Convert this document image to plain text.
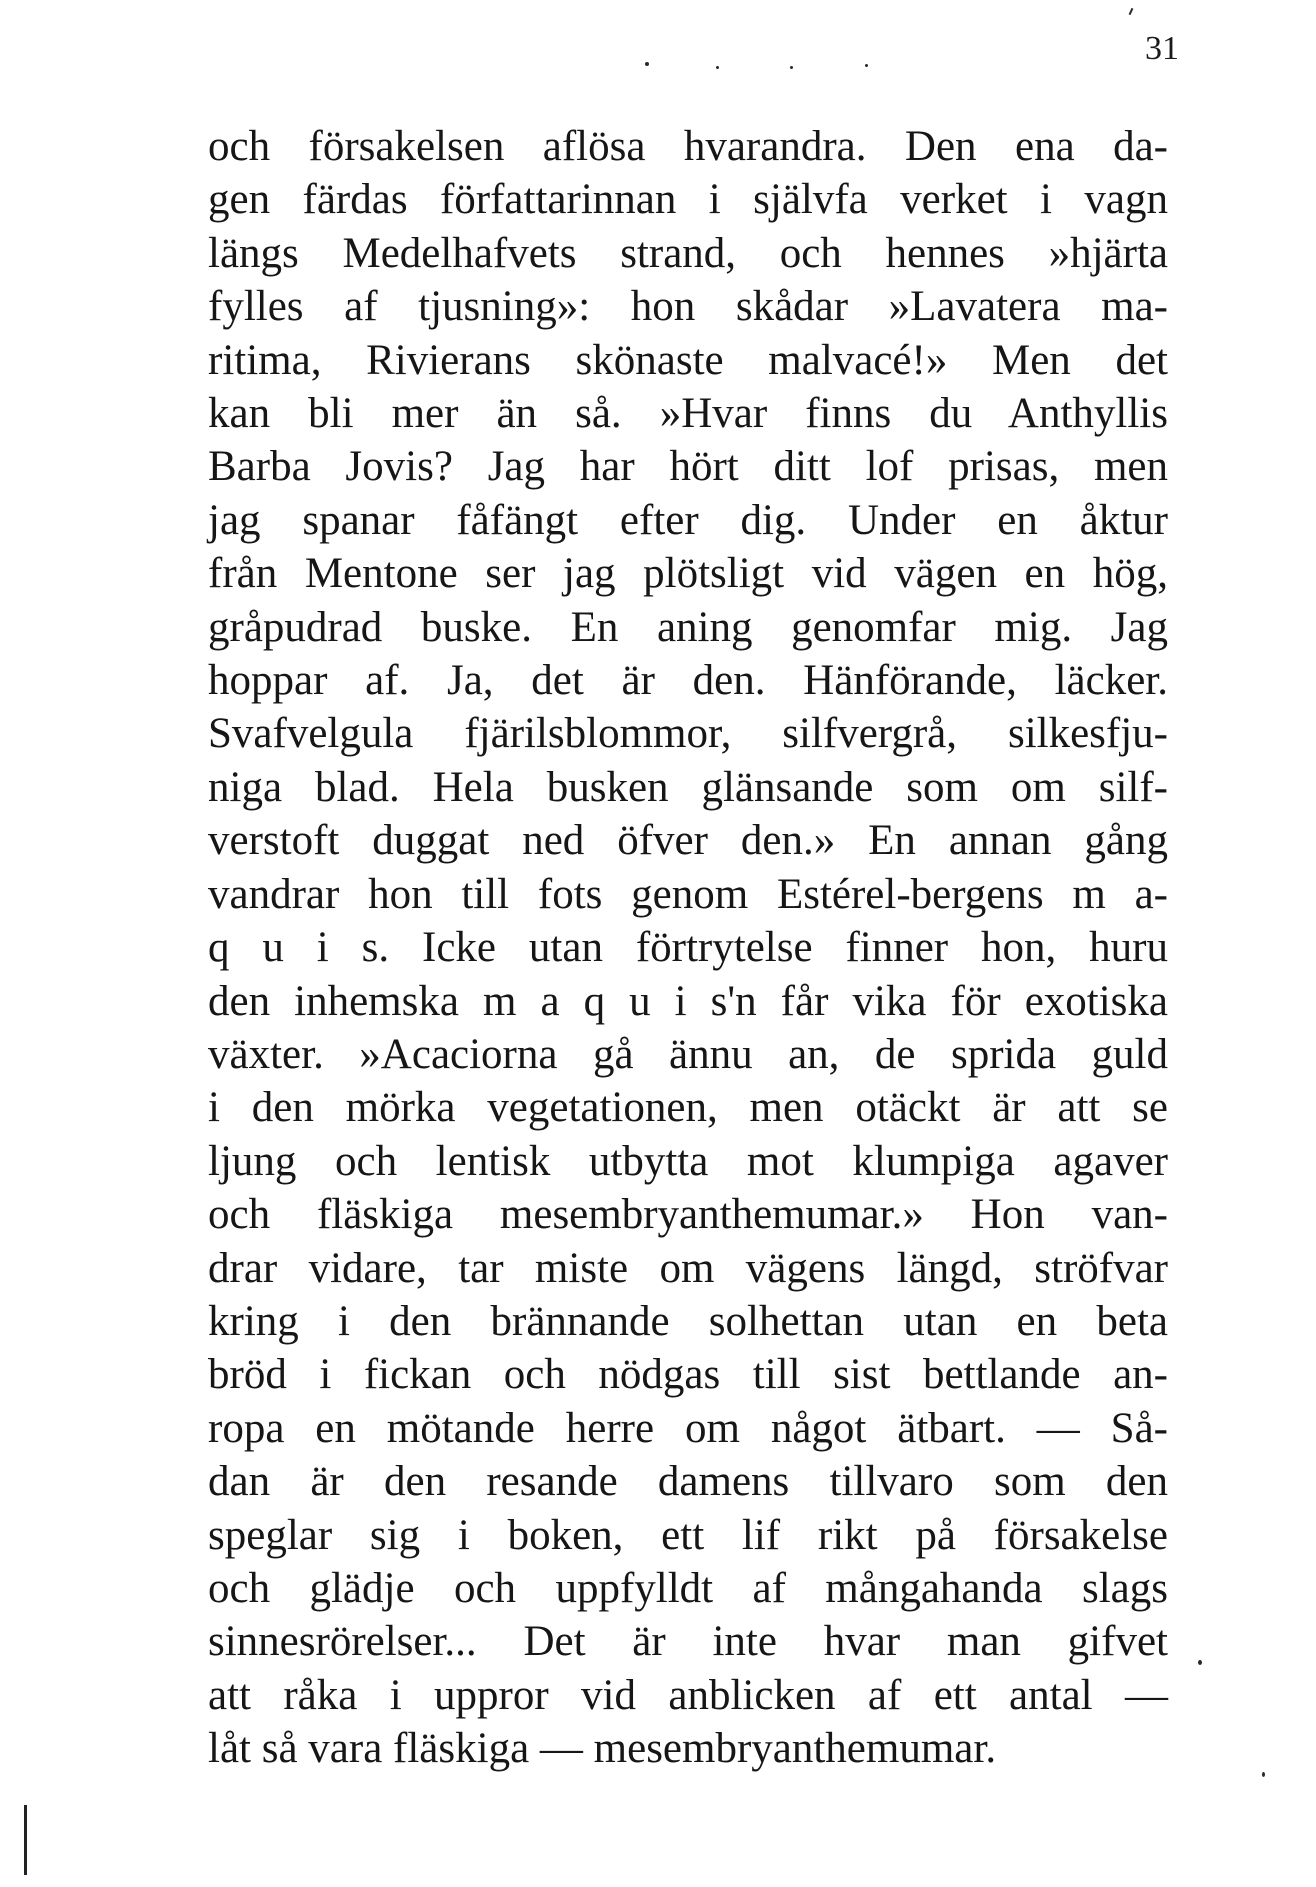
31
och försakelsen aflösa hvarandra. Den ena da-
gen färdas författarinnan i självfa verket i vagn
längs Medelhafvets strand, och hennes »hjärta
fylles af tjusning»: hon skådar »Lavatera ma-
ritima, Rivierans skönaste malvacé!» Men det
kan bli mer än så. »Hvar finns du Anthyllis
Barba Jovis? Jag har hört ditt lof prisas, men
jag spanar fåfängt efter dig. Under en åktur
från Mentone ser jag plötsligt vid vägen en hög,
gråpudrad buske. En aning genomfar mig. Jag
hoppar af. Ja, det är den. Hänförande, läcker.
Svafvelgula fjärilsblommor, silfvergrå, silkesfju-
niga blad. Hela busken glänsande som om silf-
verstoft duggat ned öfver den.» En annan gång
vandrar hon till fots genom Estérel-bergens m a-
q u i s. Icke utan förtrytelse finner hon, huru
den inhemska m a q u i s'n får vika för exotiska
växter. »Acaciorna gå ännu an, de sprida guld
i den mörka vegetationen, men otäckt är att se
ljung och lentisk utbytta mot klumpiga agaver
och fläskiga mesembryanthemumar.» Hon van-
drar vidare, tar miste om vägens längd, ströfvar
kring i den brännande solhettan utan en beta
bröd i fickan och nödgas till sist bettlande an-
ropa en mötande herre om något ätbart. — Så-
dan är den resande damens tillvaro som den
speglar sig i boken, ett lif rikt på försakelse
och glädje och uppfylldt af mångahanda slags
sinnesrörelser... Det är inte hvar man gifvet
att råka i uppror vid anblicken af ett antal —
låt så vara fläskiga — mesembryanthemumar.
